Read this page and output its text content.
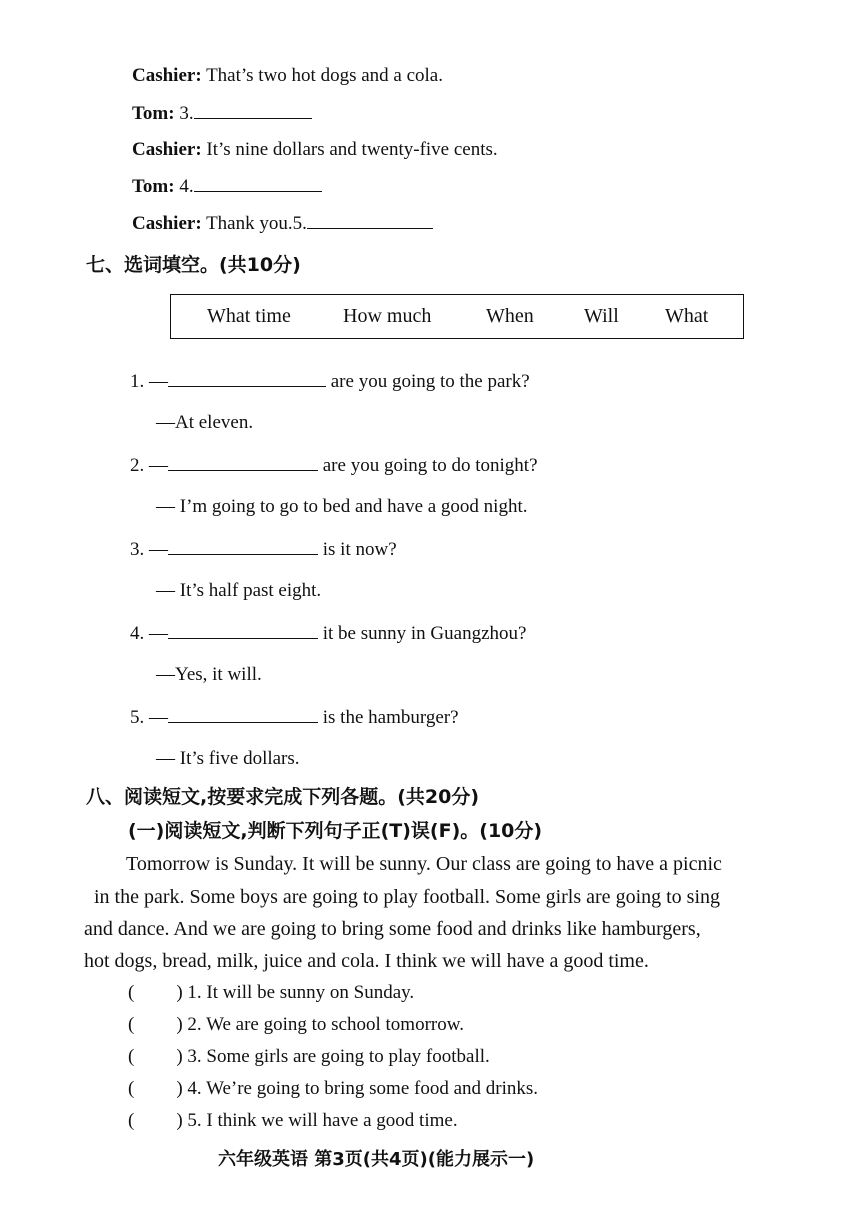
Cashier: That’s two hot dogs and a cola.
Tom: 3.
Cashier: It’s nine dollars and twenty-five cents.
Tom: 4.
Cashier: Thank you.5.
七、选词填空。(共10分)
What time	How much	When	Will What
1. —	are you going to the park?
—At eleven.
2. —	are you going to do tonight?
— I’m going to go to bed and have a good night.
3. —	is it now?
— It’s half past eight.
4. —	it be sunny in Guangzhou?
—Yes, it will.
5. —	is the hamburger?
— It’s five dollars.
八、阅读短文,按要求完成下列各题。(共20分)
(一)阅读短文,判断下列句子正(T)误(F)。(10分)
Tomorrow is Sunday. It will be sunny. Our class are going to have a picnic
in the park. Some boys are going to play football. Some girls are going to sing
and dance. And we are going to bring some food and drinks like hamburgers,
hot dogs, bread, milk, juice and cola. I think we will have a good time.
( ) 1. It will be sunny on Sunday.
( ) 2. We are going to school tomorrow.
( ) 3. Some girls are going to play football.
( ) 4. We’re going to bring some food and drinks.
( ) 5. I think we will have a good time.
六年级英语 第3页(共4页)(能力展示一)
